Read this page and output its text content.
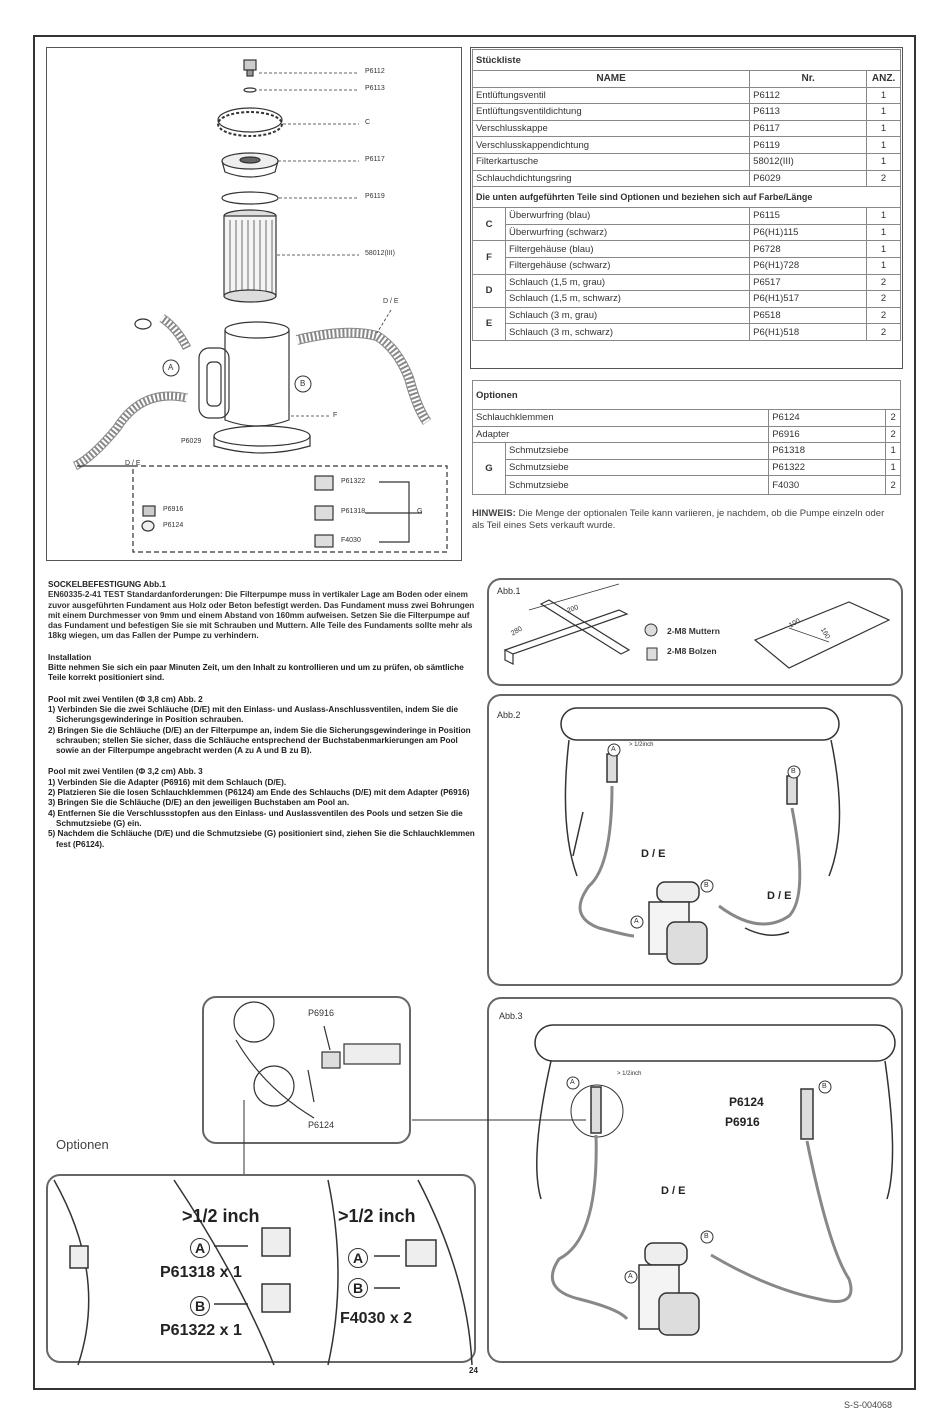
P6112
P6113
C
P6117
P6119
58012(III)
D / E
F
P6029
D / E
P6916
P6124
P61322
P61318
F4030
G
A
B
Stückliste			
NAME		Nr.	ANZ.
Entlüftungsventil		P6112	1
Entlüftungsventildichtung		P6113	1
Verschlusskappe		P6117	1
Verschlusskappendichtung		P6119	1
Filterkartusche		58012(III)	1
Schlauchdichtungsring		P6029	2
Die unten aufgeführten Teile sind Optionen und beziehen sich auf Farbe/Länge			
C	Überwurfring (blau)	P6115	1
	Überwurfring (schwarz)	P6(H1)115	1
F	Filtergehäuse (blau)	P6728	1
	Filtergehäuse (schwarz)	P6(H1)728	1
D	Schlauch (1,5 m, grau)	P6517	2
	Schlauch (1,5 m, schwarz)	P6(H1)517	2
E	Schlauch (3 m, grau)	P6518	2
	Schlauch (3 m, schwarz)	P6(H1)518	2
Optionen			
Schlauchklemmen		P6124	2
Adapter		P6916	2
G	Schmutzsiebe	P61318	1
	Schmutzsiebe	P61322	1
	Schmutzsiebe	F4030	2
HINWEIS: Die Menge der optionalen Teile kann variieren, je nachdem, ob die Pumpe einzeln oder als Teil eines Sets verkauft wurde.

SOCKELBEFESTIGUNG Abb.1

EN60335-2-41 TEST Standardanforderungen: Die Filterpumpe muss in vertikaler Lage am Boden oder einem zuvor ausgeführten Fundament aus Holz oder Beton befestigt werden. Das Fundament muss zwei Bohrungen mit einem Durchmesser von 9mm und einem Abstand von 160mm aufweisen. Setzen Sie die Filterpumpe auf das Fundament und befestigen Sie sie mit Schrauben und Muttern. Alle Teile des Fundaments sollte mehr als 18kg wiegen, um das Fallen der Pumpe zu verhindern.

Installation

Bitte nehmen Sie sich ein paar Minuten Zeit, um den Inhalt zu kontrollieren und um zu prüfen, ob sämtliche Teile korrekt positioniert sind.

Pool mit zwei Ventilen (Φ 3,8 cm) Abb. 2

1) Verbinden Sie die zwei Schläuche (D/E) mit den Einlass- und Auslass-Anschlussventilen, indem Sie die Sicherungsgewinderinge in Position schrauben.

2) Bringen Sie die Schläuche (D/E) an der Filterpumpe an, indem Sie die Sicherungsgewinderinge in Position schrauben; stellen Sie sicher, dass die Schläuche entsprechend der Buchstabenmarkierungen am Pool sowie an der Filterpumpe angebracht werden (A zu A und B zu B).

Pool mit zwei Ventilen (Φ 3,2 cm) Abb. 3

1) Verbinden Sie die Adapter (P6916) mit dem Schlauch (D/E).

2) Platzieren Sie die losen Schlauchklemmen (P6124) am Ende des Schlauchs (D/E) mit dem Adapter (P6916)

3) Bringen Sie die Schläuche (D/E) an den jeweiligen Buchstaben am Pool an.

4) Entfernen Sie die Verschlussstopfen aus den Einlass- und Auslassventilen des Pools und setzen Sie die Schmutzsiebe (G) ein.

5) Nachdem die Schläuche (D/E) und die Schmutzsiebe (G) positioniert sind, ziehen Sie die Schlauchklemmen fest (P6124).

Abb.1
200
280
100
160
2-M8 Muttern
2-M8 Bolzen
Abb.2
> 1/2inch
D / E
D / E
A
B
B
A
Abb.3
> 1/2inch
P6124
P6916
D / E
A
B
B
A
P6916
P6124
Optionen
>1/2 inch	>1/2 inch
A
P61318 x 1
B
P61322 x 1
A
B
F4030 x 2
24
S-S-004068
